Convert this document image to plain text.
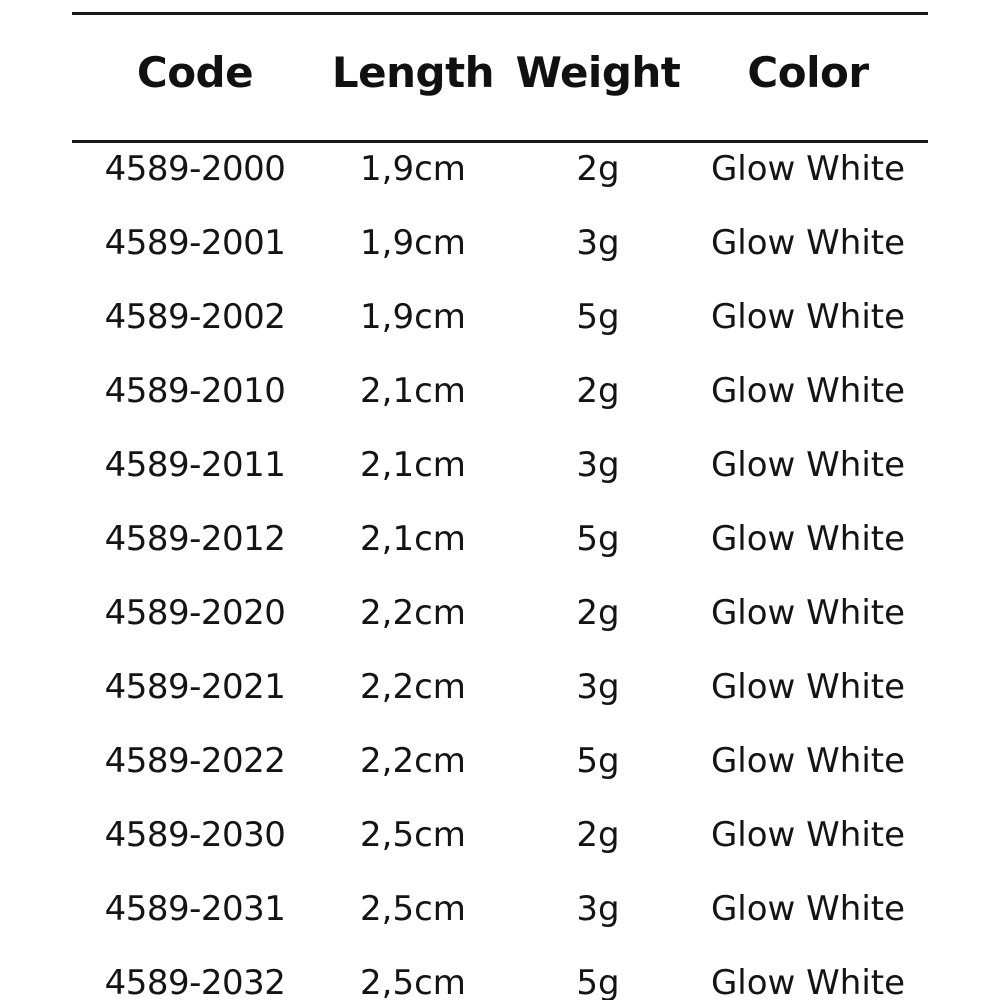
Code	Length	Weight	Color
4589-2000	1,9cm	2g	Glow White
4589-2001	1,9cm	3g	Glow White
4589-2002	1,9cm	5g	Glow White
4589-2010	2,1cm	2g	Glow White
4589-2011	2,1cm	3g	Glow White
4589-2012	2,1cm	5g	Glow White
4589-2020	2,2cm	2g	Glow White
4589-2021	2,2cm	3g	Glow White
4589-2022	2,2cm	5g	Glow White
4589-2030	2,5cm	2g	Glow White
4589-2031	2,5cm	3g	Glow White
4589-2032	2,5cm	5g	Glow White
